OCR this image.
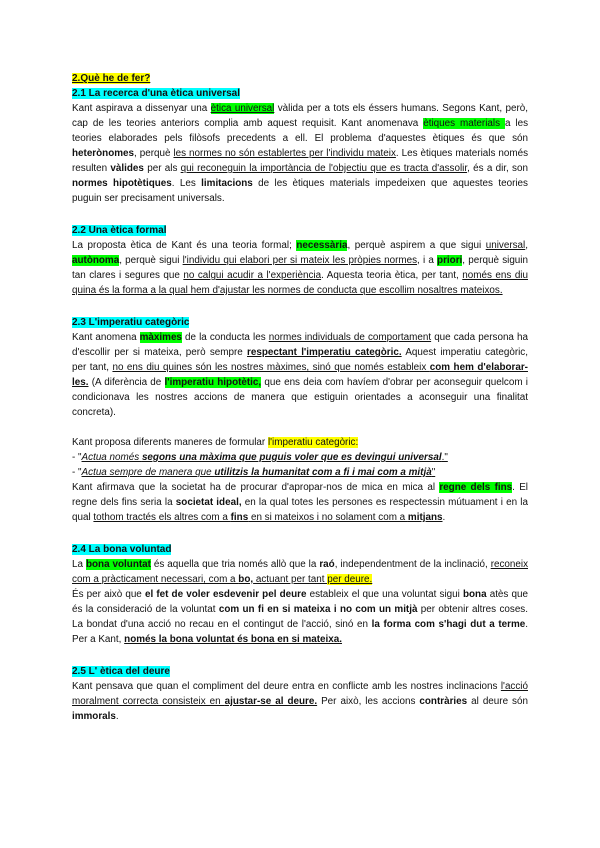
2.Què he de fer?
2.1 La recerca d'una ètica universal

Kant aspirava a dissenyar una ètica universal vàlida per a tots els éssers humans. Segons Kant, però, cap de les teories anteriors complia amb aquest requisit. Kant anomenava ètiques materials a les teories elaborades pels filòsofs precedents a ell. El problema d'aquestes ètiques és que són heterònomes, perquè les normes no són establertes per l'individu mateix. Les ètiques materials només resulten vàlides per als qui reconeguin la importància de l'objectiu que es tracta d'assolir, és a dir, son normes hipotètiques. Les limitacions de les ètiques materials impedeixen que aquestes teories puguin ser precisament universals.

2.2 Una ètica formal

La proposta ètica de Kant és una teoria formal; necessària, perquè aspirem a que sigui universal, autònoma, perquè sigui l'individu qui elabori per si mateix les pròpies normes, i a priori, perquè siguin tan clares i segures que no calgui acudir a l'experiència. Aquesta teoria ètica, per tant, només ens diu quina és la forma a la qual hem d'ajustar les normes de conducta que escollim nosaltres mateixos.

2.3 L'imperatiu categòric

Kant anomena màximes de la conducta les normes individuals de comportament que cada persona ha d'escollir per si mateixa, però sempre respectant l'imperatiu categòric. Aquest imperatiu categòric, per tant, no ens diu quines són les nostres màximes, sinó que només estableix com hem d'elaborar-les. (A diferència de l'imperatiu hipotètic, que ens deia com havíem d'obrar per aconseguir quelcom i condicionava les nostres accions de manera que estiguin orientades a aconseguir una finalitat concreta).

Kant proposa diferents maneres de formular l'imperatiu categòric:

- "Actua només segons una màxima que puguis voler que es devingui universal."

- "Actua sempre de manera que utilitzis la humanitat com a fi i mai com a mitjà"

Kant afirmava que la societat ha de procurar d'apropar-nos de mica en mica al regne dels fins. El regne dels fins seria la societat ideal, en la qual totes les persones es respectessin mútuament i en la qual tothom tractés els altres com a fins en si mateixos i no solament com a mitjans.

2.4 La bona voluntad

La bona voluntat és aquella que tria només allò que la raó, independentment de la inclinació, reconeix com a pràcticament necessari, com a bo, actuant per tant per deure.
És per això que el fet de voler esdevenir pel deure estableix el que una voluntat sigui bona atès que és la consideració de la voluntat com un fi en si mateixa i no com un mitjà per obtenir altres coses. La bondat d'una acció no recau en el contingut de l'acció, sinó en la forma com s'hagi dut a terme. Per a Kant, només la bona voluntat és bona en si mateixa.

2.5 L' ètica del deure

Kant pensava que quan el compliment del deure entra en conflicte amb les nostres inclinacions l'acció moralment correcta consisteix en ajustar-se al deure. Per això, les accions contràries al deure són immorals.
